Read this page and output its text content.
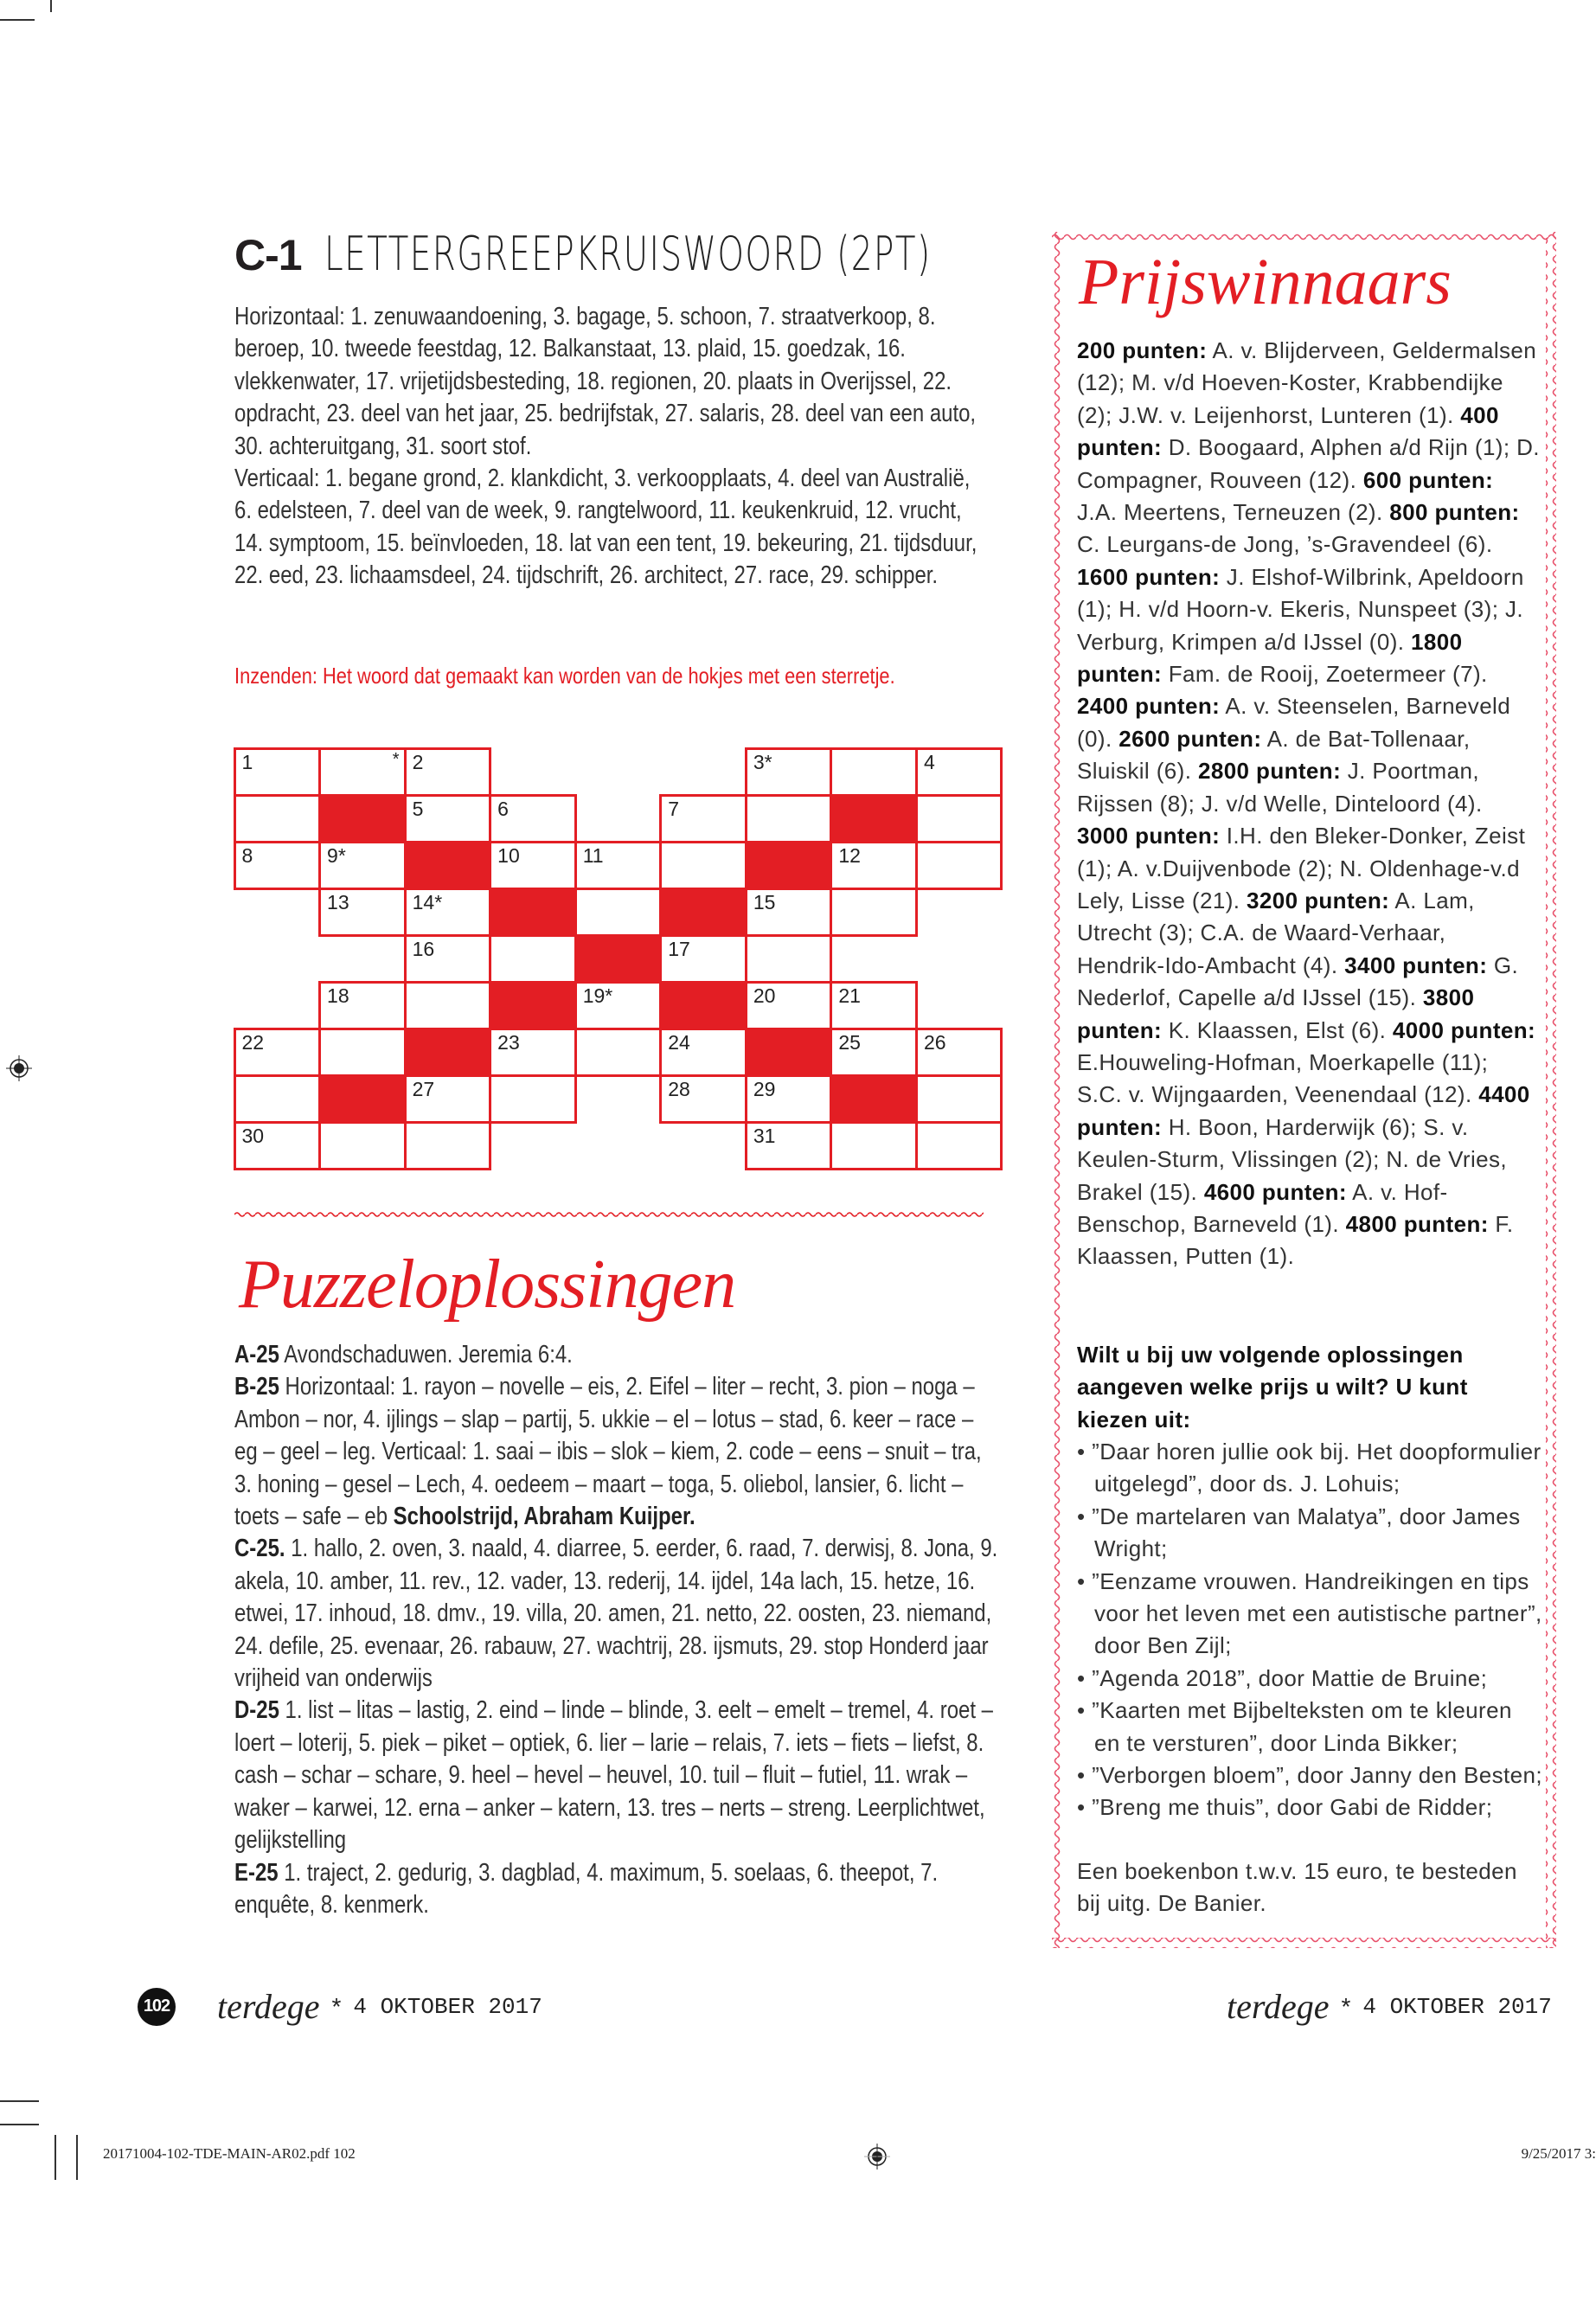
C-1 LETTERGREEPKRUISWOORD (2PT)

Horizontaal: 1. zenuwaandoening, 3. bagage, 5. schoon, 7. straatverkoop, 8. beroep, 10. tweede feestdag, 12. Balkanstaat, 13. plaid, 15. goedzak, 16. vlekkenwater, 17. vrijetijdsbesteding, 18. regionen, 20. plaats in Overijssel, 22. opdracht, 23. deel van het jaar, 25. bedrijfstak, 27. salaris, 28. deel van een auto, 30. achteruitgang, 31. soort stof.

Verticaal: 1. begane grond, 2. klankdicht, 3. verkoopplaats, 4. deel van Australië, 6. edelsteen, 7. deel van de week, 9. rangtelwoord, 11. keukenkruid, 12. vrucht, 14. symptoom, 15. beïnvloeden, 18. lat van een tent, 19. bekeuring, 21. tijdsduur, 22. eed, 23. lichaamsdeel, 24. tijdschrift, 26. architect, 27. race, 29. schipper.

Inzenden: Het woord dat gemaakt kan worden van de hokjes met een sterretje.
1	* 2	3*	4
5	6	7
8	9*	10	11	12
13	14*	15
16	17
18	19*	20	21
22	23	24	25	26
27	28	29
30	31
Puzzeloplossingen

A-25 Avondschaduwen. Jeremia 6:4.

B-25 Horizontaal: 1. rayon – novelle – eis, 2. Eifel – liter – recht, 3. pion – noga – Ambon – nor, 4. ijlings – slap – partij, 5. ukkie – el – lotus – stad, 6. keer – race – eg – geel – leg. Verticaal: 1. saai – ibis – slok – kiem, 2. code – eens – snuit – tra, 3. honing – gesel – Lech, 4. oedeem – maart – toga, 5. oliebol, lansier, 6. licht – toets – safe – eb Schoolstrijd, Abraham Kuijper.

C-25. 1. hallo, 2. oven, 3. naald, 4. diarree, 5. eerder, 6. raad, 7. derwisj, 8. Jona, 9. akela, 10. amber, 11. rev., 12. vader, 13. rederij, 14. ijdel, 14a lach, 15. hetze, 16. etwei, 17. inhoud, 18. dmv., 19. villa, 20. amen, 21. netto, 22. oosten, 23. niemand, 24. defile, 25. evenaar, 26. rabauw, 27. wachtrij, 28. ijsmuts, 29. stop Honderd jaar vrijheid van onderwijs

D-25 1. list – litas – lastig, 2. eind – linde – blinde, 3. eelt – emelt – tremel, 4. roet – loert – loterij, 5. piek – piket – optiek, 6. lier – larie – relais, 7. iets – fiets – liefst, 8. cash – schar – schare, 9. heel – hevel – heuvel, 10. tuil – fluit – futiel, 11. wrak – waker – karwei, 12. erna – anker – katern, 13. tres – nerts – streng. Leerplichtwet, gelijkstelling

E-25 1. traject, 2. gedurig, 3. dagblad, 4. maximum, 5. soelaas, 6. theepot, 7. enquête, 8. kenmerk.

Prijswinnaars
200 punten: A. v. Blijderveen, Geldermalsen (12); M. v/d Hoeven-Koster, Krabbendijke (2); J.W. v. Leijenhorst, Lunteren (1). 400 punten: D. Boogaard, Alphen a/d Rijn (1); D. Compagner, Rouveen (12). 600 punten: J.A. Meertens, Terneuzen (2). 800 punten: C. Leurgans-de Jong, ’s-Gravendeel (6). 1600 punten: J. Elshof-Wilbrink, Apeldoorn (1); H. v/d Hoorn-v. Ekeris, Nunspeet (3); J. Verburg, Krimpen a/d IJssel (0). 1800 punten: Fam. de Rooij, Zoetermeer (7). 2400 punten: A. v. Steenselen, Barneveld (0). 2600 punten: A. de Bat-Tollenaar, Sluiskil (6). 2800 punten: J. Poortman, Rijssen (8); J. v/d Welle, Dinteloord (4). 3000 punten: I.H. den Bleker-Donker, Zeist (1); A. v.Duijvenbode (2); N. Oldenhage-v.d Lely, Lisse (21). 3200 punten: A. Lam, Utrecht (3); C.A. de Waard-Verhaar, Hendrik-Ido-Ambacht (4). 3400 punten: G. Nederlof, Capelle a/d IJssel (15). 3800 punten: K. Klaassen, Elst (6). 4000 punten: E.Houweling-Hofman, Moerkapelle (11); S.C. v. Wijngaarden, Veenendaal (12). 4400 punten: H. Boon, Harderwijk (6); S. v. Keulen-Sturm, Vlissingen (2); N. de Vries, Brakel (15). 4600 punten: A. v. Hof- Benschop, Barneveld (1). 4800 punten: F. Klaassen, Putten (1).
Wilt u bij uw volgende oplossingen aangeven welke prijs u wilt? U kunt kiezen uit:
• ”Daar horen jullie ook bij. Het doopformulier uitgelegd”, door ds. J. Lohuis;
• ”De martelaren van Malatya”, door James Wright;
• ”Eenzame vrouwen. Handreikingen en tips voor het leven met een autistische partner”, door Ben Zijl;
• ”Agenda 2018”, door Mattie de Bruine;
• ”Kaarten met Bijbelteksten om te kleuren en te versturen”, door Linda Bikker;
• ”Verborgen bloem”, door Janny den Besten;
• ”Breng me thuis”, door Gabi de Ridder;
Een boekenbon t.w.v. 15 euro, te besteden bij uitg. De Banier.
102 terdege * 4 OKTOBER 2017	terdege * 4 OKTOBER 2017
20171004-102-TDE-MAIN-AR02.pdf 102	9/25/2017 3:
